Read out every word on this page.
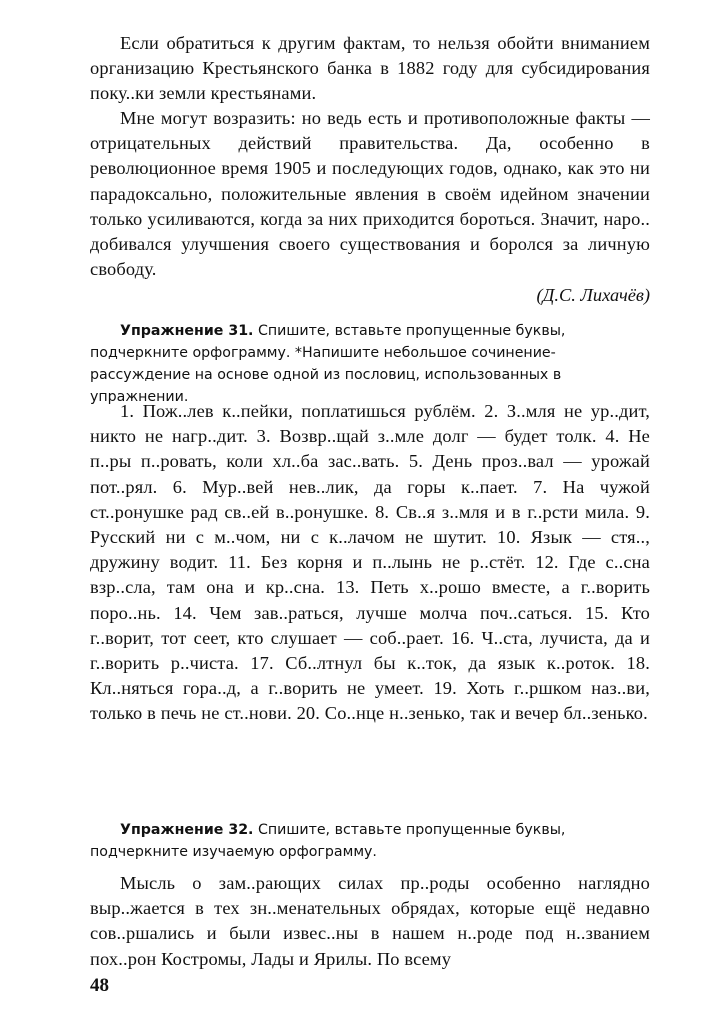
Если обратиться к другим фактам, то нельзя обойти вниманием организацию Крестьянского банка в 1882 году для субсидирования поку..ки земли крестьянами.

Мне могут возразить: но ведь есть и противоположные факты — отрицательных действий правительства. Да, особенно в революционное время 1905 и последующих годов, однако, как это ни парадоксально, положительные явления в своём идейном значении только усиливаются, когда за них приходится бороться. Значит, наро.. добивался улучшения своего существования и боролся за личную свободу.

(Д.С. Лихачёв)

Упражнение 31. Спишите, вставьте пропущенные буквы, подчеркните орфограмму. *Напишите небольшое сочинение-рассуждение на основе одной из пословиц, использованных в упражнении.

1. Пож..лев к..пейки, поплатишься рублём. 2. З..мля не ур..дит, никто не нагр..дит. 3. Возвр..щай з..мле долг — будет толк. 4. Не п..ры п..ровать, коли хл..ба зас..вать. 5. День проз..вал — урожай пот..рял. 6. Мур..вей нев..лик, да горы к..пает. 7. На чужой ст..ронушке рад св..ей в..ронушке. 8. Св..я з..мля и в г..рсти мила. 9. Русский ни с м..чом, ни с к..лачом не шутит. 10. Язык — стя.., дружину водит. 11. Без корня и п..лынь не р..стёт. 12. Где с..сна взр..сла, там она и кр..сна. 13. Петь х..рошо вместе, а г..ворить поро..нь. 14. Чем зав..раться, лучше молча поч..саться. 15. Кто г..ворит, тот сеет, кто слушает — соб..рает. 16. Ч..ста, лучиста, да и г..ворить р..чиста. 17. Сб..лтнул бы к..ток, да язык к..роток. 18. Кл..няться гора..д, а г..ворить не умеет. 19. Хоть г..ршком наз..ви, только в печь не ст..нови. 20. Со..нце н..зенько, так и вечер бл..зенько.

Упражнение 32. Спишите, вставьте пропущенные буквы, подчеркните изучаемую орфограмму.

Мысль о зам..рающих силах пр..роды особенно наглядно выр..жается в тех зн..менательных обрядах, которые ещё недавно сов..ршались и были извес..ны в нашем н..роде под н..званием пох..рон Костромы, Лады и Ярилы. По всему

48
